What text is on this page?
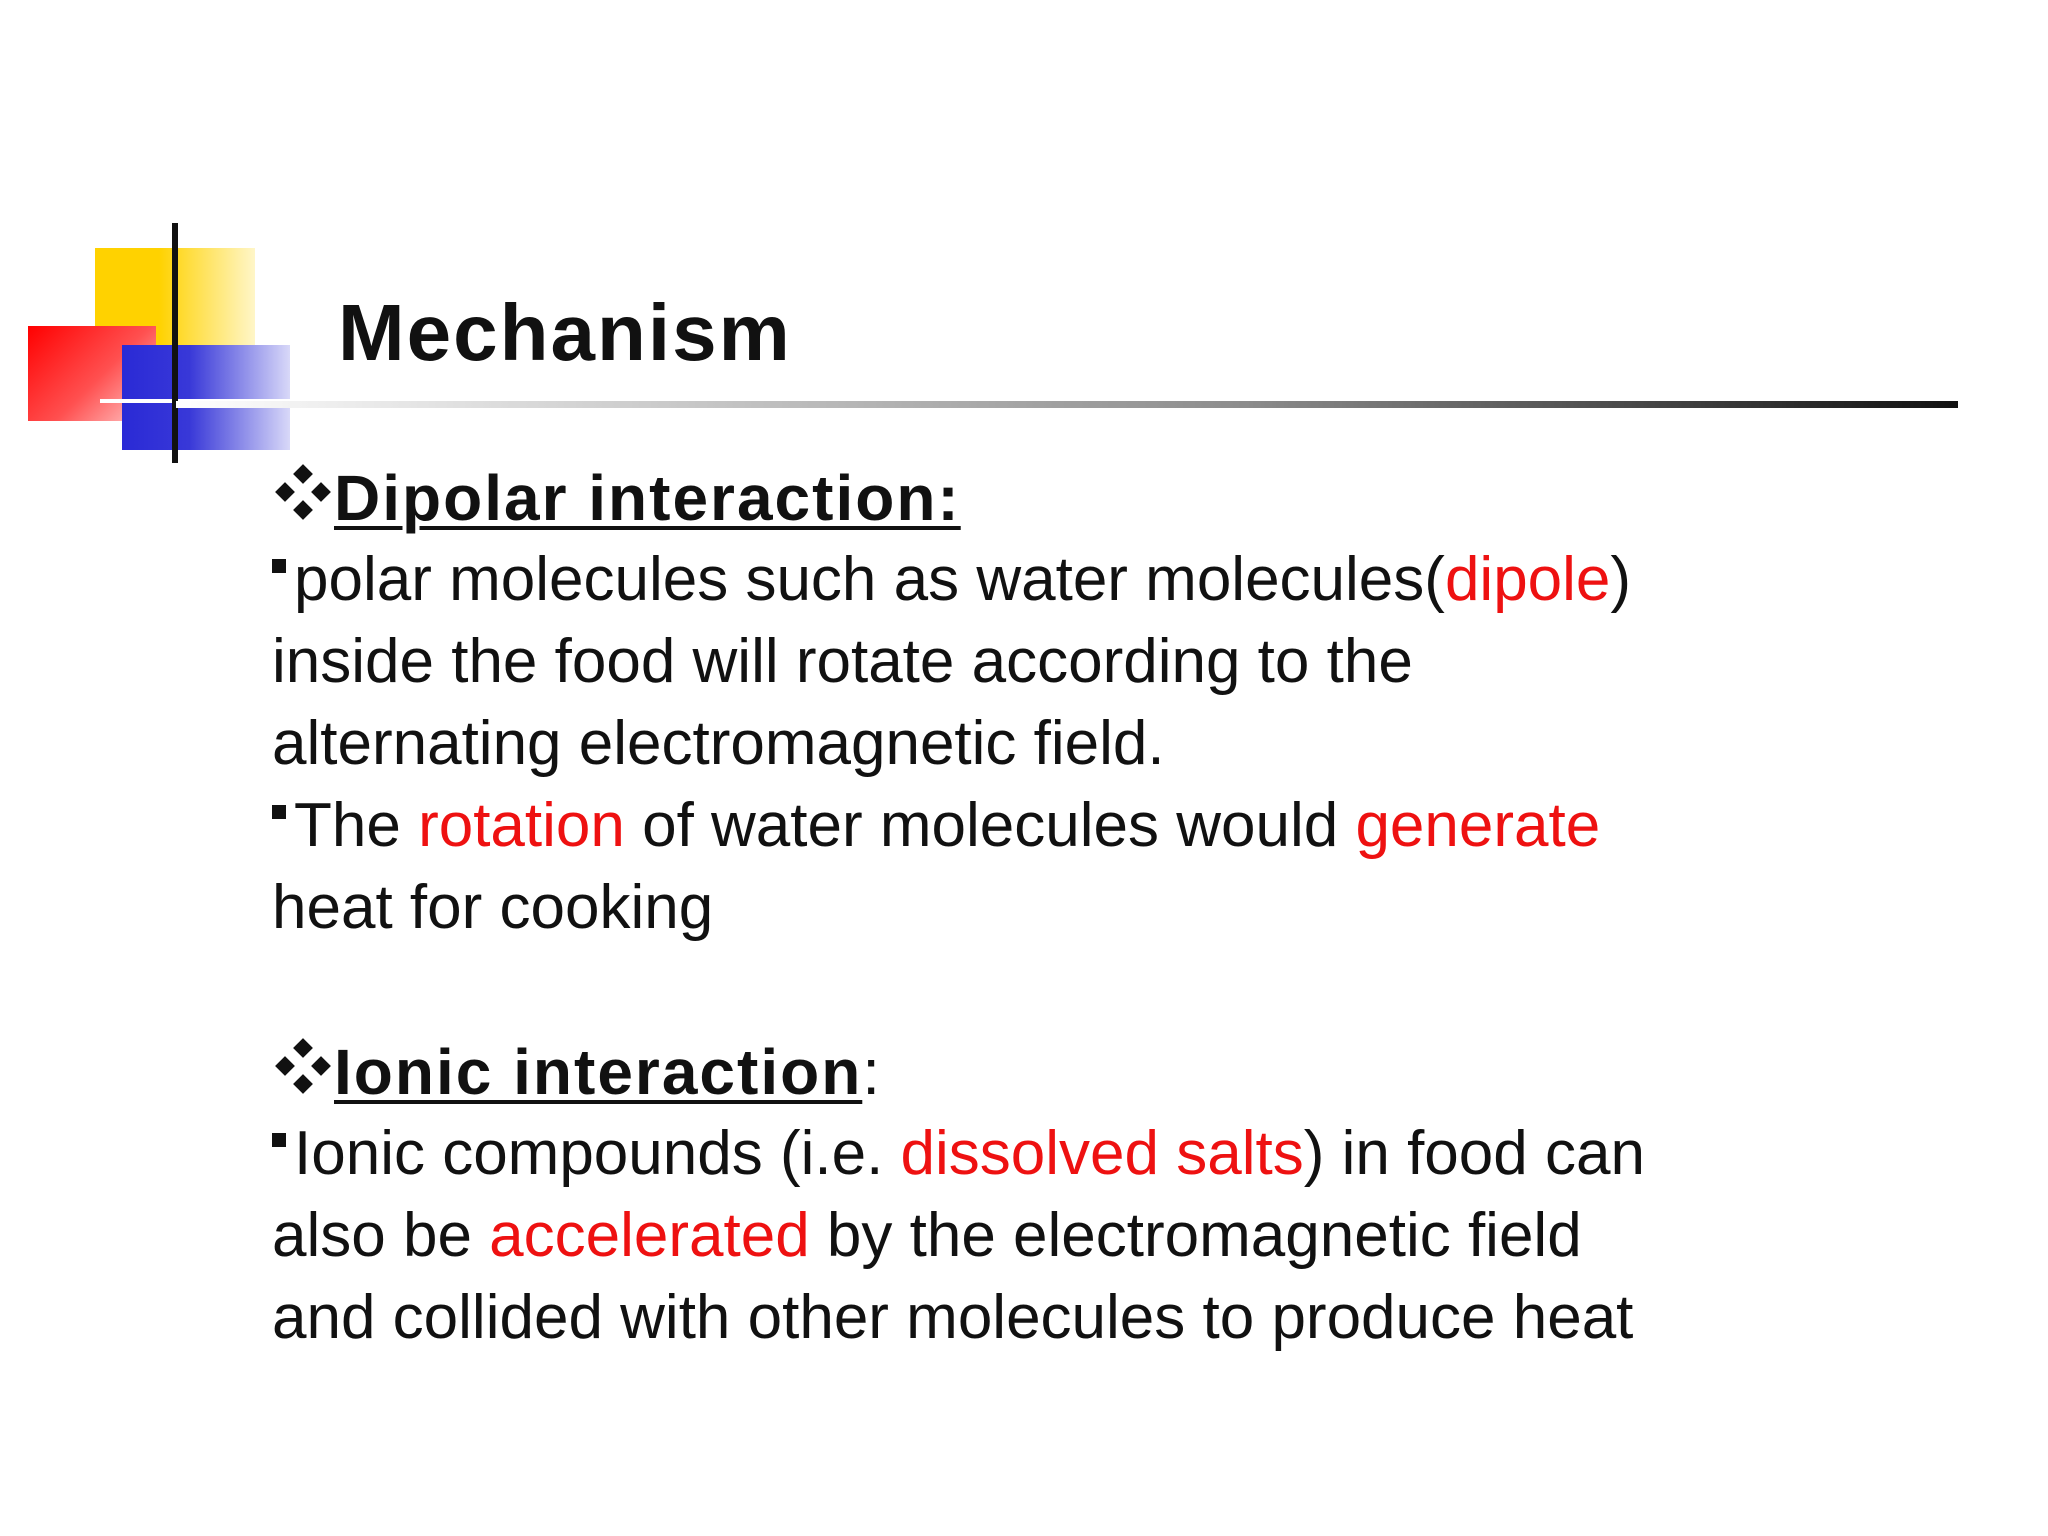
Mechanism
Dipolar interaction:
polar molecules such as water molecules(dipole)
inside the food will rotate according to the
alternating electromagnetic field.
The rotation of water molecules would generate
heat for cooking
Ionic interaction:
Ionic compounds (i.e. dissolved salts) in food can
also be accelerated by the electromagnetic field
and collided with other molecules to produce heat
